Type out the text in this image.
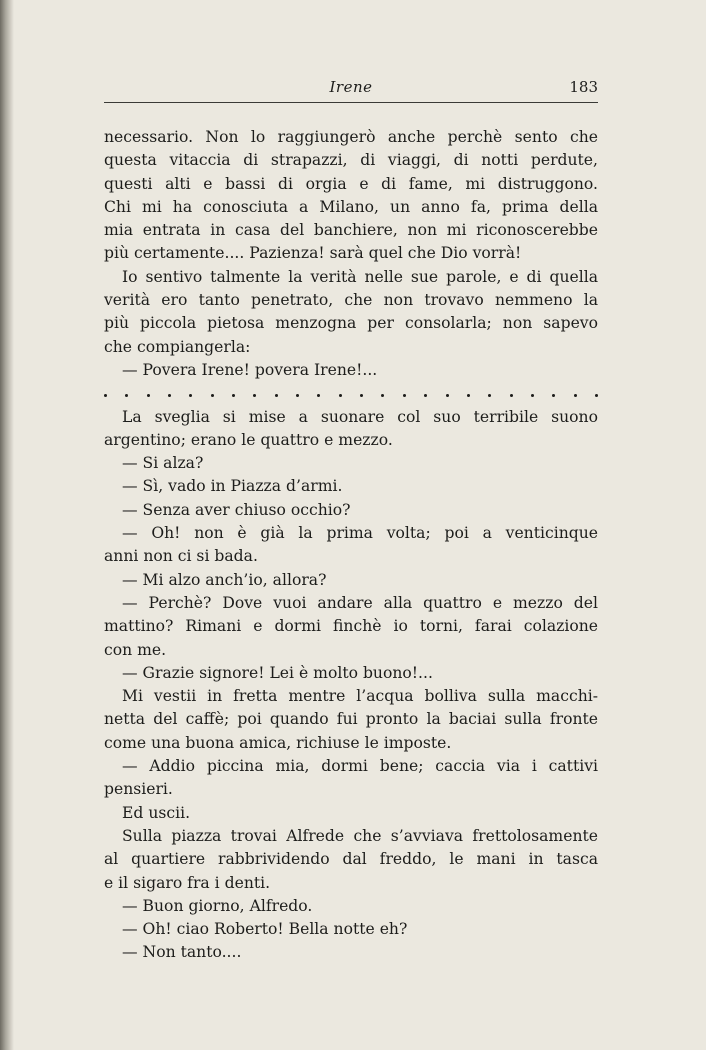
Irene	183
necessario. Non lo raggiungerò anche perchè sento che
questa vitaccia di strapazzi, di viaggi, di notti perdute,
questi alti e bassi di orgia e di fame, mi distruggono.
Chi mi ha conosciuta a Milano, un anno fa, prima della
mia entrata in casa del banchiere, non mi riconoscerebbe
più certamente.... Pazienza! sarà quel che Dio vorrà!
Io sentivo talmente la verità nelle sue parole, e di quella
verità ero tanto penetrato, che non trovavo nemmeno la
più piccola pietosa menzogna per consolarla; non sapevo
che compiangerla:
— Povera Irene! povera Irene!...
La sveglia si mise a suonare col suo terribile suono
argentino; erano le quattro e mezzo.
— Si alza?
— Sì, vado in Piazza d’armi.
— Senza aver chiuso occhio?
— Oh! non è già la prima volta; poi a venticinque
anni non ci si bada.
— Mi alzo anch’io, allora?
— Perchè? Dove vuoi andare alla quattro e mezzo del
mattino? Rimani e dormi finchè io torni, farai colazione
con me.
— Grazie signore! Lei è molto buono!...
Mi vestii in fretta mentre l’acqua bolliva sulla macchi-
netta del caffè; poi quando fui pronto la baciai sulla fronte
come una buona amica, richiuse le imposte.
— Addio piccina mia, dormi bene; caccia via i cattivi
pensieri.
Ed uscii.
Sulla piazza trovai Alfrede che s’avviava frettolosamente
al quartiere rabbrividendo dal freddo, le mani in tasca
e il sigaro fra i denti.
— Buon giorno, Alfredo.
— Oh! ciao Roberto! Bella notte eh?
— Non tanto....
